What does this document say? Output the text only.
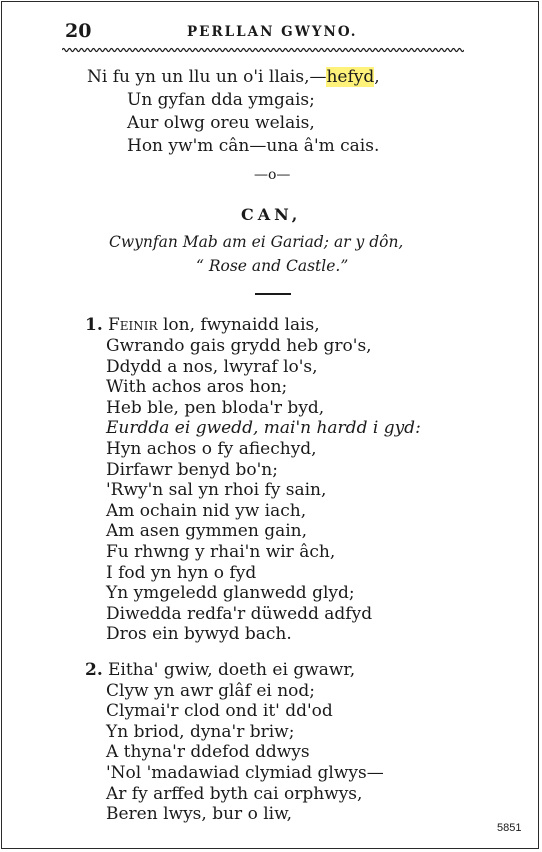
20	PERLLAN GWYNO.
Ni fu yn un llu un o'i llais,—hefyd,
Un gyfan dda ymgais;
Aur olwg oreu welais,
Hon yw'm cân—una â'm cais.
—o—
CAN,
Cwynfan Mab am ei Gariad; ar y dôn,
“ Rose and Castle.”
1. Feinir lon, fwynaidd lais,
Gwrando gais grydd heb gro's,
Ddydd a nos, lwyraf lo's,
With achos aros hon;
Heb ble, pen bloda'r byd,
Eurdda ei gwedd, mai'n hardd i gyd:
Hyn achos o fy afiechyd,
Dirfawr benyd bo'n;
'Rwy'n sal yn rhoi fy sain,
Am ochain nid yw iach,
Am asen gymmen gain,
Fu rhwng y rhai'n wir âch,
I fod yn hyn o fyd
Yn ymgeledd glanwedd glyd;
Diwedda redfa'r düwedd adfyd
Dros ein bywyd bach.
2. Eitha' gwiw, doeth ei gwawr,
Clyw yn awr glâf ei nod;
Clymai'r clod ond it' dd'od
Yn briod, dyna'r briw;
A thyna'r ddefod ddwys
'Nol 'madawiad clymiad glwys—
Ar fy arffed byth cai orphwys,
Beren lwys, bur o liw,
5851
